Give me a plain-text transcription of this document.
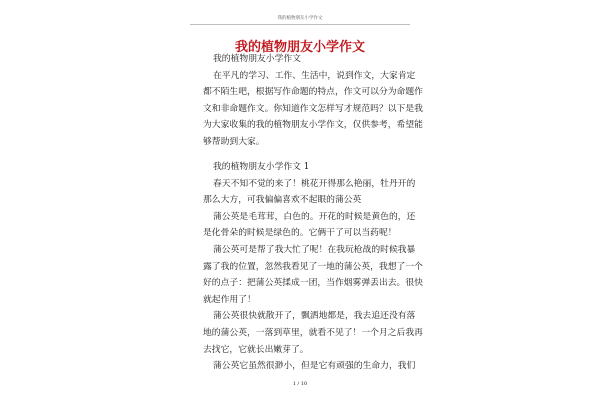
我的植物朋友小学作文
我的植物朋友小学作文
我的植物朋友小学作文
在平凡的学习、工作、生活中，说到作文，大家肯定
都不陌生吧，根据写作命题的特点，作文可以分为命题作
文和非命题作文。你知道作文怎样写才规范吗？以下是我
为大家收集的我的植物朋友小学作文，仅供参考，希望能
够帮助到大家。
我的植物朋友小学作文 1
春天不知不觉的来了！桃花开得那么艳丽，牡丹开的
那么大方，可我偏偏喜欢不起眼的蒲公英
蒲公英是毛茸茸，白色的。开花的时候是黄色的，还
是化骨朵的时候是绿色的。它俩干了可以当药呢！
蒲公英可是帮了我大忙了呢！在我玩枪战的时候我暴
露了我的位置，忽然我看见了一地的蒲公英，我想了一个
好的点子：把蒲公英揉成一团，当作烟雾弹丢出去。很快
就起作用了！
蒲公英很快就散开了，飘洒地都是，我去追还没有落
地的蒲公英，一落到草里，就看不见了！一个月之后我再
去找它，它就长出嫩芽了。
蒲公英它虽然很渺小，但是它有顽强的生命力，我们
1 / 10
